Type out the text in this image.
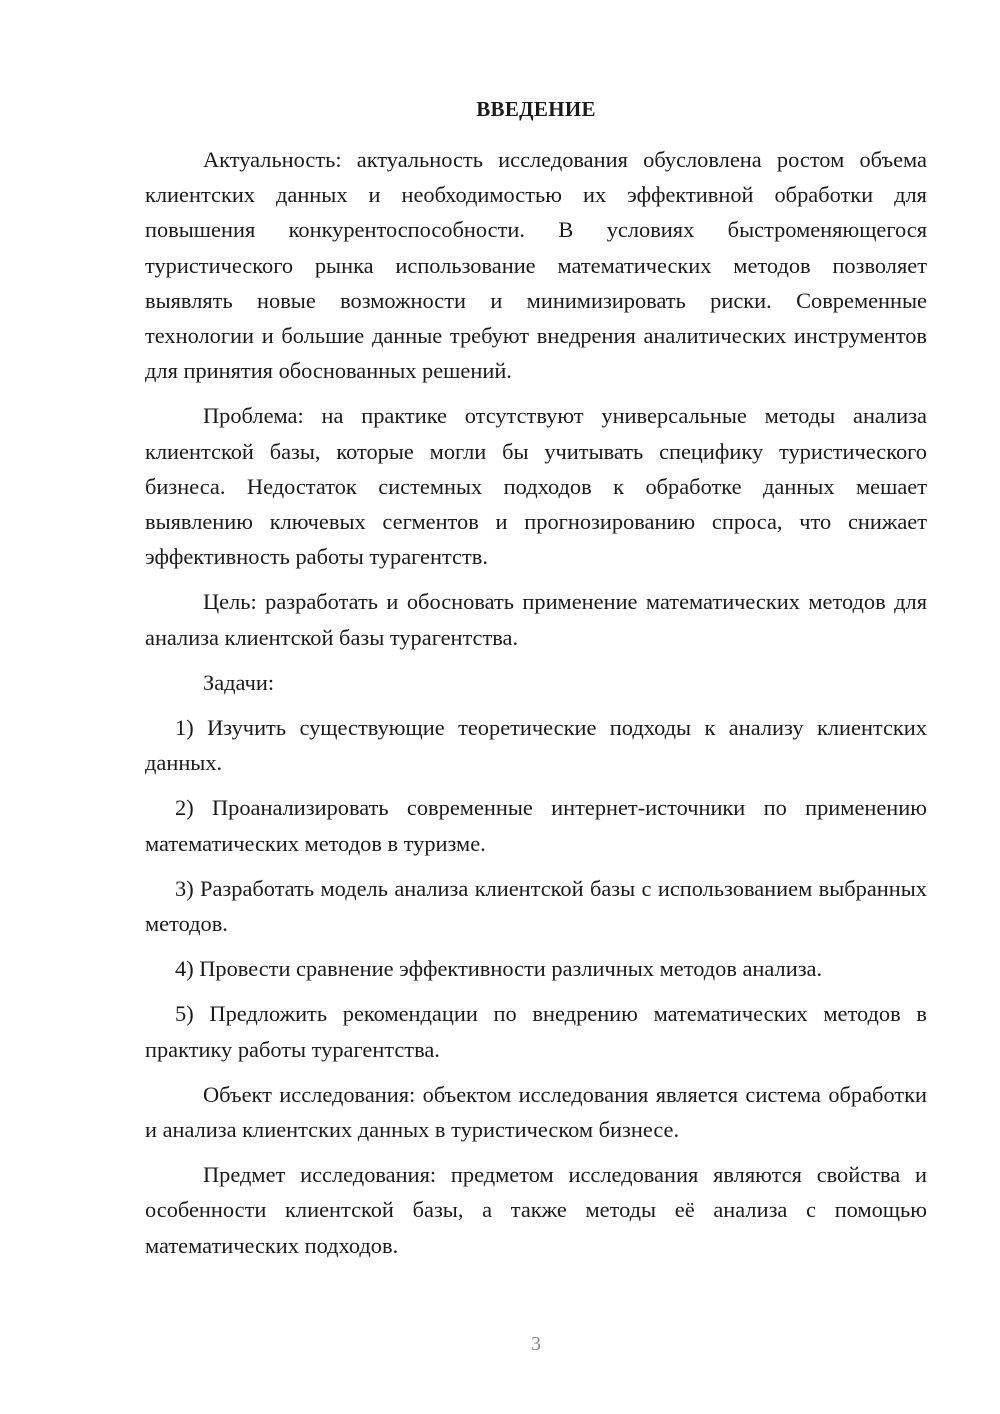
ВВЕДЕНИЕ

Актуальность: актуальность исследования обусловлена ростом объема клиентских данных и необходимостью их эффективной обработки для повышения конкурентоспособности. В условиях быстроменяющегося туристического рынка использование математических методов позволяет выявлять новые возможности и минимизировать риски. Современные технологии и большие данные требуют внедрения аналитических инструментов для принятия обоснованных решений.

Проблема: на практике отсутствуют универсальные методы анализа клиентской базы, которые могли бы учитывать специфику туристического бизнеса. Недостаток системных подходов к обработке данных мешает выявлению ключевых сегментов и прогнозированию спроса, что снижает эффективность работы турагентств.

Цель: разработать и обосновать применение математических методов для анализа клиентской базы турагентства.

Задачи:

1) Изучить существующие теоретические подходы к анализу клиентских данных.

2) Проанализировать современные интернет-источники по применению математических методов в туризме.

3) Разработать модель анализа клиентской базы с использованием выбранных методов.

4) Провести сравнение эффективности различных методов анализа.

5) Предложить рекомендации по внедрению математических методов в практику работы турагентства.

Объект исследования: объектом исследования является система обработки и анализа клиентских данных в туристическом бизнесе.

Предмет исследования: предметом исследования являются свойства и особенности клиентской базы, а также методы её анализа с помощью математических подходов.

3
